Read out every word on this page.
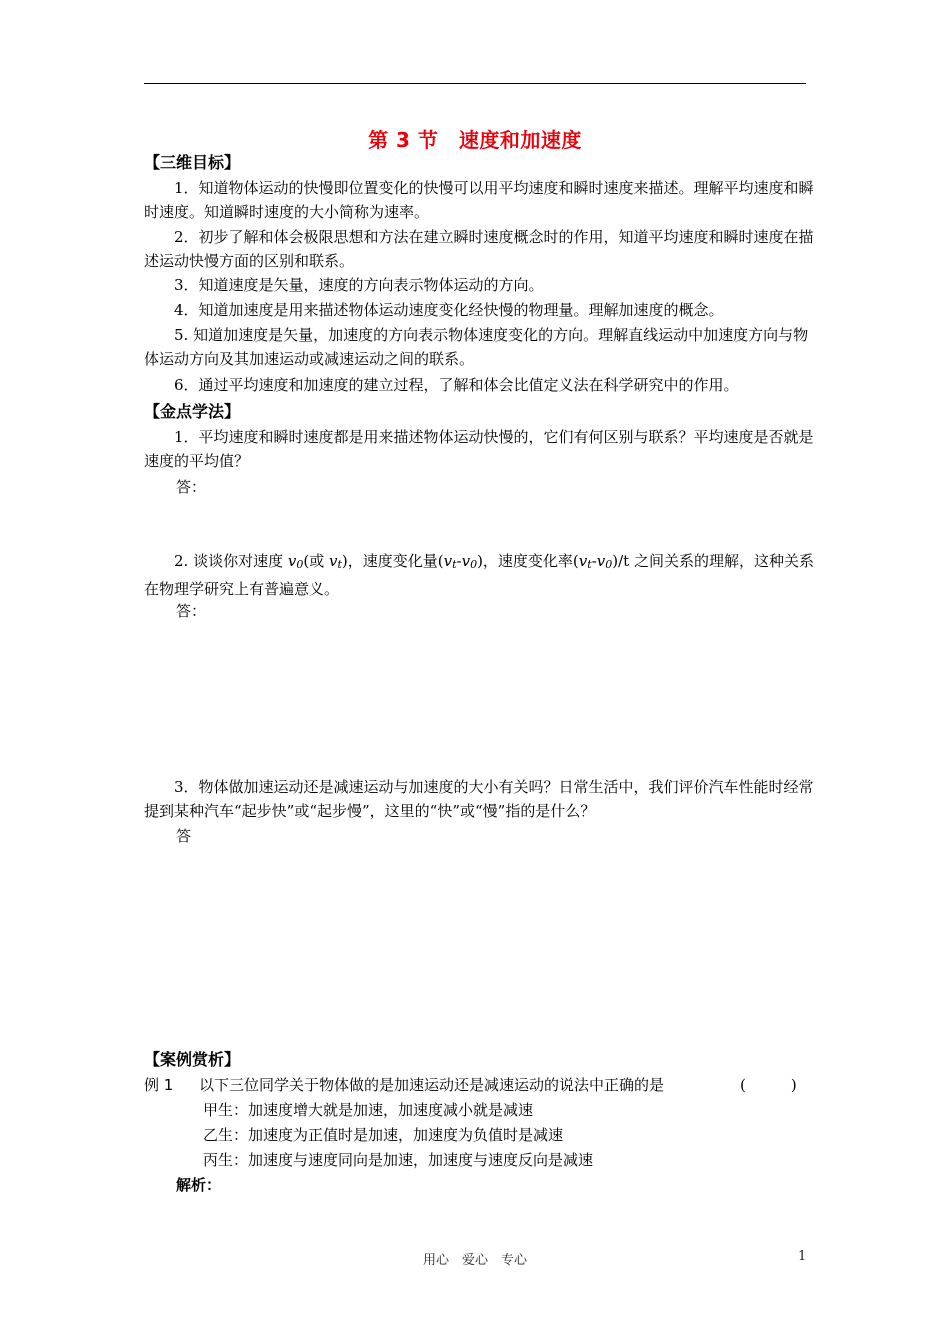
第 3 节　速度和加速度
【三维目标】
1．知道物体运动的快慢即位置变化的快慢可以用平均速度和瞬时速度来描述。理解平均速度和瞬时速度。知道瞬时速度的大小简称为速率。
2．初步了解和体会极限思想和方法在建立瞬时速度概念时的作用，知道平均速度和瞬时速度在描述运动快慢方面的区别和联系。
3．知道速度是矢量，速度的方向表示物体运动的方向。
4．知道加速度是用来描述物体运动速度变化经快慢的物理量。理解加速度的概念。
5. 知道加速度是矢量，加速度的方向表示物体速度变化的方向。理解直线运动中加速度方向与物体运动方向及其加速运动或减速运动之间的联系。
6．通过平均速度和加速度的建立过程，了解和体会比值定义法在科学研究中的作用。
【金点学法】
1．平均速度和瞬时速度都是用来描述物体运动快慢的，它们有何区别与联系？平均速度是否就是速度的平均值？
答：
2. 谈谈你对速度 v0(或 vt)，速度变化量(vt-v0)，速度变化率(vt-v0)/t 之间关系的理解，这种关系在物理学研究上有普遍意义。
答：
3．物体做加速运动还是减速运动与加速度的大小有关吗？日常生活中，我们评价汽车性能时经常提到某种汽车“起步快”或“起步慢”，这里的“快”或“慢”指的是什么？
答
【案例赏析】
例 1 以下三位同学关于物体做的是加速运动还是减速运动的说法中正确的是	(　　　)
甲生：加速度增大就是加速，加速度减小就是减速
乙生：加速度为正值时是加速，加速度为负值时是减速
丙生：加速度与速度同向是加速，加速度与速度反向是减速
解析：
用心　爱心　专心	1
